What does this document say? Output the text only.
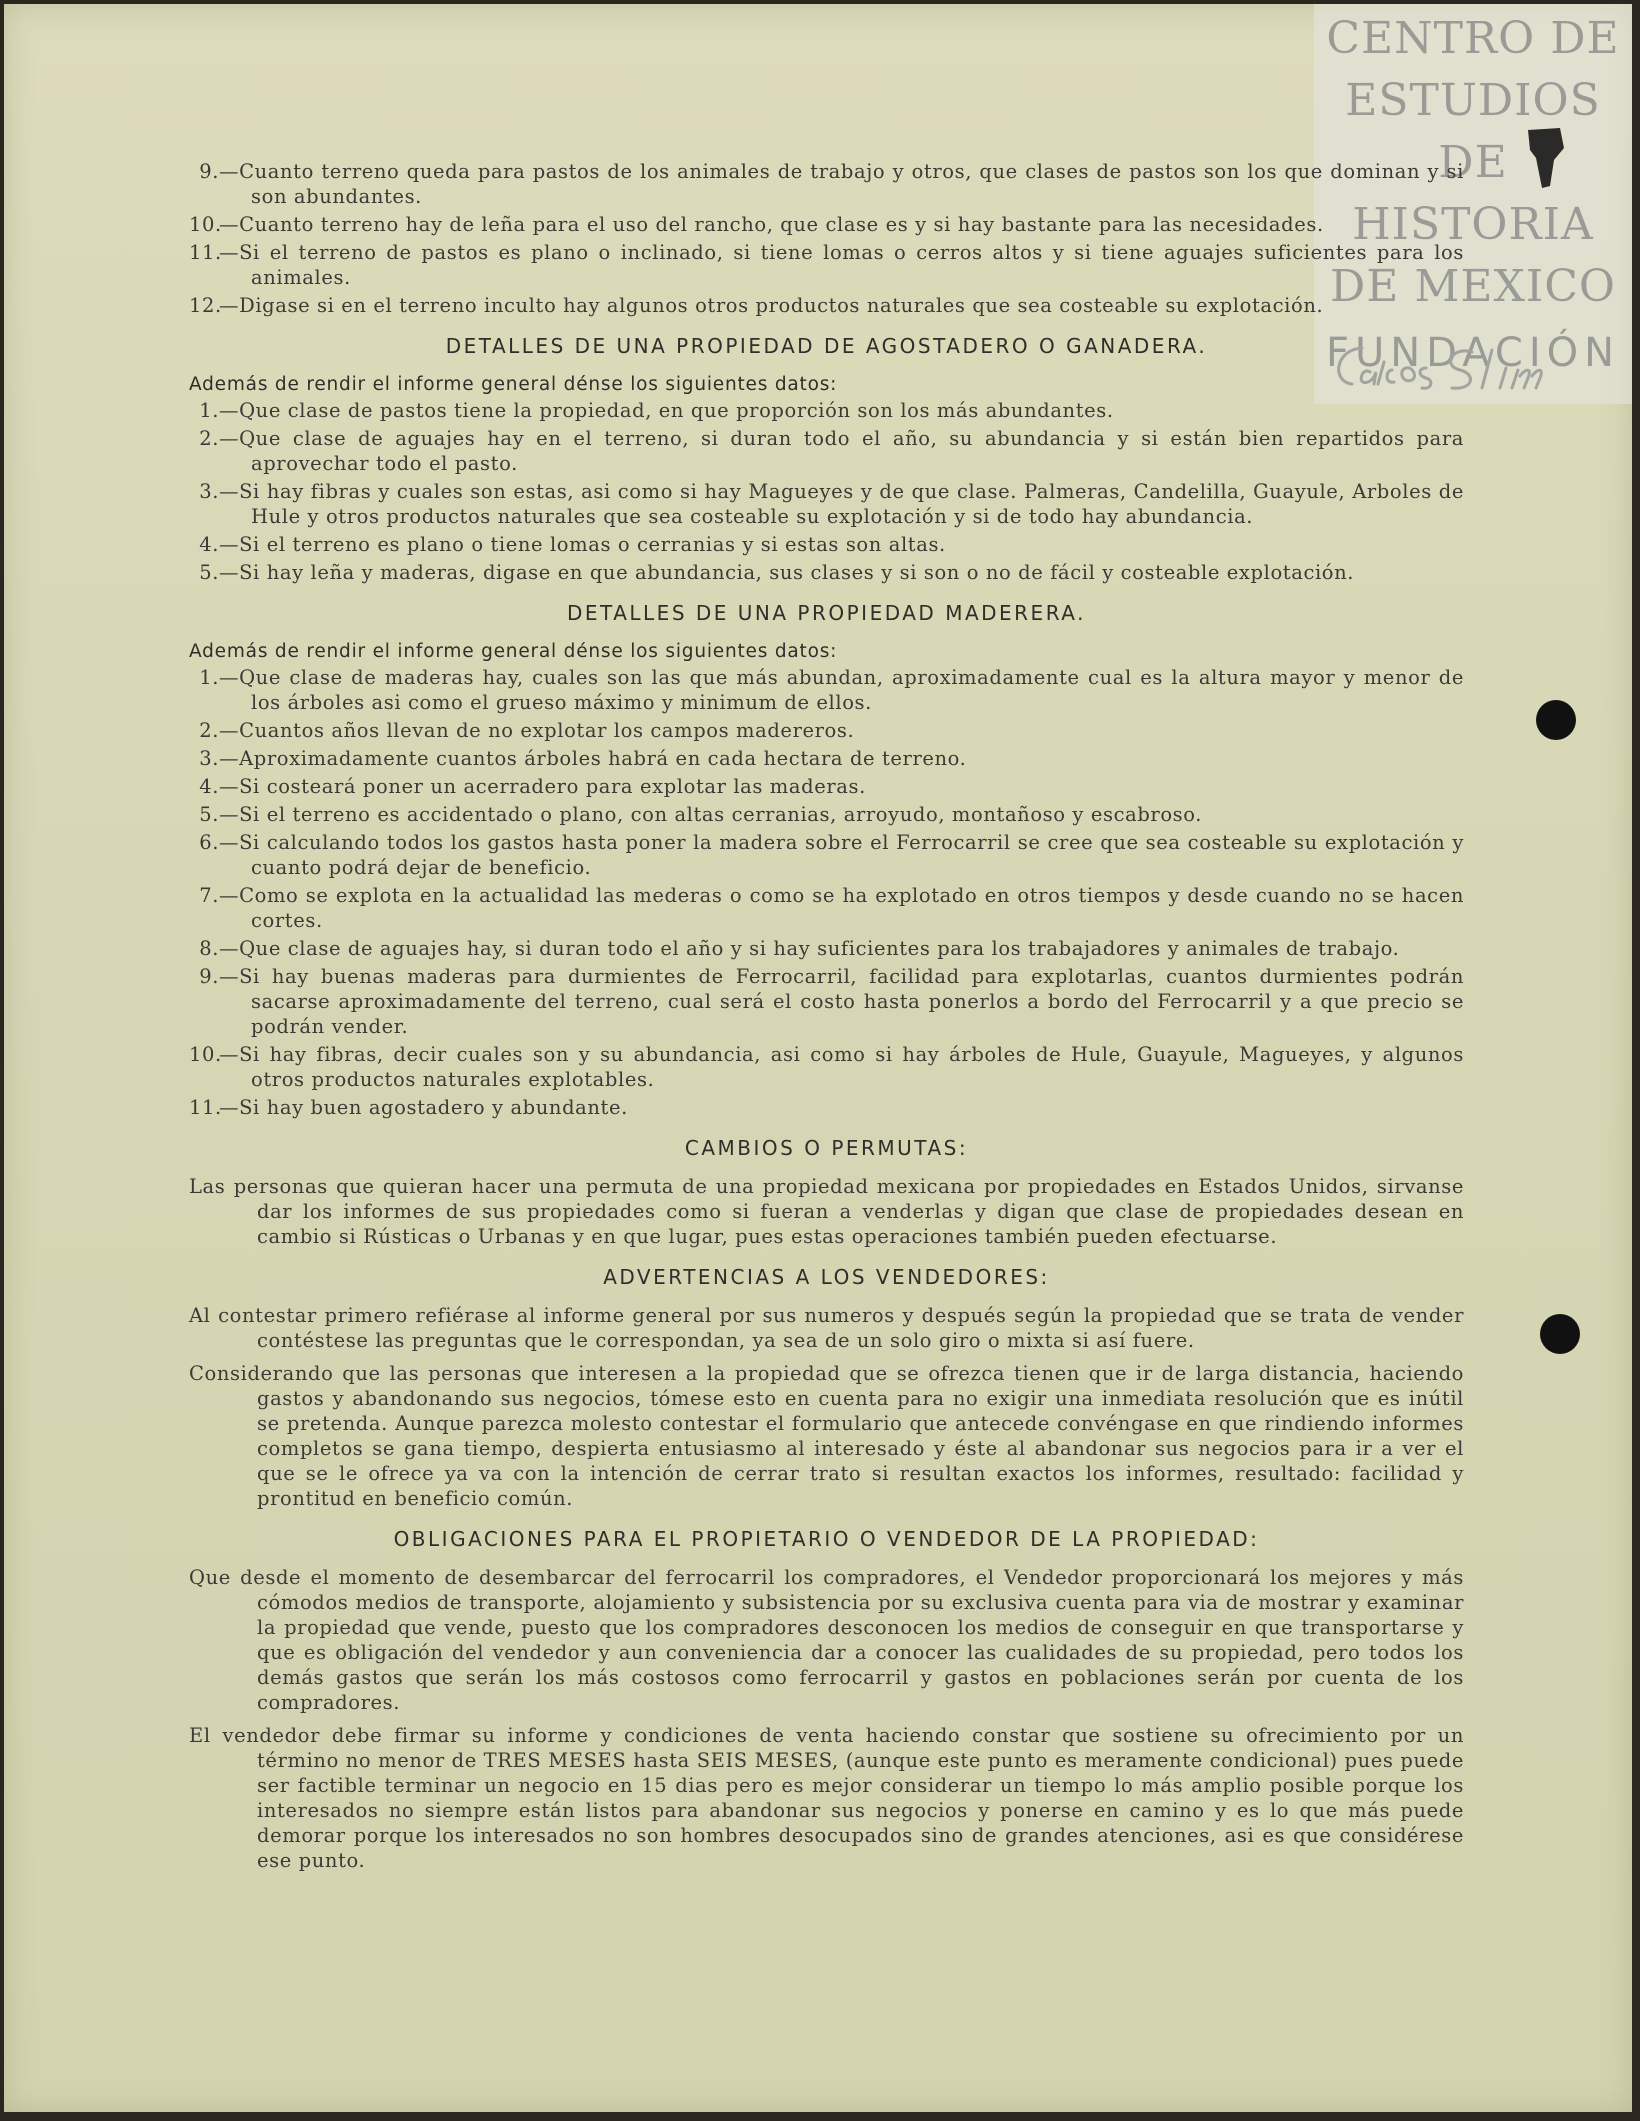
CENTRO DE
ESTUDIOS
DE HISTORIA
DE MEXICO
FUNDACIÓN

9.—Cuanto terreno queda para pastos de los animales de trabajo y otros, que clases de pastos son los que dominan y si son abundantes.

10.—Cuanto terreno hay de leña para el uso del rancho, que clase es y si hay bastante para las necesidades.

11.—Si el terreno de pastos es plano o inclinado, si tiene lomas o cerros altos y si tiene aguajes suficientes para los animales.

12.—Digase si en el terreno inculto hay algunos otros productos naturales que sea costeable su explotación.

DETALLES DE UNA PROPIEDAD DE AGOSTADERO O GANADERA.

Además de rendir el informe general dénse los siguientes datos:

1.—Que clase de pastos tiene la propiedad, en que proporción son los más abundantes.

2.—Que clase de aguajes hay en el terreno, si duran todo el año, su abundancia y si están bien repartidos para aprovechar todo el pasto.

3.—Si hay fibras y cuales son estas, asi como si hay Magueyes y de que clase. Palmeras, Candelilla, Guayule, Arboles de Hule y otros productos naturales que sea costeable su explotación y si de todo hay abundancia.

4.—Si el terreno es plano o tiene lomas o cerranias y si estas son altas.

5.—Si hay leña y maderas, digase en que abundancia, sus clases y si son o no de fácil y costeable explotación.

DETALLES DE UNA PROPIEDAD MADERERA.

Además de rendir el informe general dénse los siguientes datos:

1.—Que clase de maderas hay, cuales son las que más abundan, aproximadamente cual es la altura mayor y menor de los árboles asi como el grueso máximo y minimum de ellos.

2.—Cuantos años llevan de no explotar los campos madereros.

3.—Aproximadamente cuantos árboles habrá en cada hectara de terreno.

4.—Si costeará poner un acerradero para explotar las maderas.

5.—Si el terreno es accidentado o plano, con altas cerranias, arroyudo, montañoso y escabroso.

6.—Si calculando todos los gastos hasta poner la madera sobre el Ferrocarril se cree que sea costeable su explotación y cuanto podrá dejar de beneficio.

7.—Como se explota en la actualidad las mederas o como se ha explotado en otros tiempos y desde cuando no se hacen cortes.

8.—Que clase de aguajes hay, si duran todo el año y si hay suficientes para los trabajadores y animales de trabajo.

9.—Si hay buenas maderas para durmientes de Ferrocarril, facilidad para explotarlas, cuantos durmientes podrán sacarse aproximadamente del terreno, cual será el costo hasta ponerlos a bordo del Ferrocarril y a que precio se podrán vender.

10.—Si hay fibras, decir cuales son y su abundancia, asi como si hay árboles de Hule, Guayule, Magueyes, y algunos otros productos naturales explotables.

11.—Si hay buen agostadero y abundante.

CAMBIOS O PERMUTAS:

Las personas que quieran hacer una permuta de una propiedad mexicana por propiedades en Estados Unidos, sirvanse dar los informes de sus propiedades como si fueran a venderlas y digan que clase de propiedades desean en cambio si Rústicas o Urbanas y en que lugar, pues estas operaciones también pueden efectuarse.

ADVERTENCIAS A LOS VENDEDORES:

Al contestar primero refiérase al informe general por sus numeros y después según la propiedad que se trata de vender contéstese las preguntas que le correspondan, ya sea de un solo giro o mixta si así fuere.

Considerando que las personas que interesen a la propiedad que se ofrezca tienen que ir de larga distancia, haciendo gastos y abandonando sus negocios, tómese esto en cuenta para no exigir una inmediata resolución que es inútil se pretenda. Aunque parezca molesto contestar el formulario que antecede convéngase en que rindiendo informes completos se gana tiempo, despierta entusiasmo al interesado y éste al abandonar sus negocios para ir a ver el que se le ofrece ya va con la intención de cerrar trato si resultan exactos los informes, resultado: facilidad y prontitud en beneficio común.

OBLIGACIONES PARA EL PROPIETARIO O VENDEDOR DE LA PROPIEDAD:

Que desde el momento de desembarcar del ferrocarril los compradores, el Vendedor proporcionará los mejores y más cómodos medios de transporte, alojamiento y subsistencia por su exclusiva cuenta para via de mostrar y examinar la propiedad que vende, puesto que los compradores desconocen los medios de conseguir en que transportarse y que es obligación del vendedor y aun conveniencia dar a conocer las cualidades de su propiedad, pero todos los demás gastos que serán los más costosos como ferrocarril y gastos en poblaciones serán por cuenta de los compradores.

El vendedor debe firmar su informe y condiciones de venta haciendo constar que sostiene su ofrecimiento por un término no menor de TRES MESES hasta SEIS MESES, (aunque este punto es meramente condicional) pues puede ser factible terminar un negocio en 15 dias pero es mejor considerar un tiempo lo más amplio posible porque los interesados no siempre están listos para abandonar sus negocios y ponerse en camino y es lo que más puede demorar porque los interesados no son hombres desocupados sino de grandes atenciones, asi es que considérese ese punto.
